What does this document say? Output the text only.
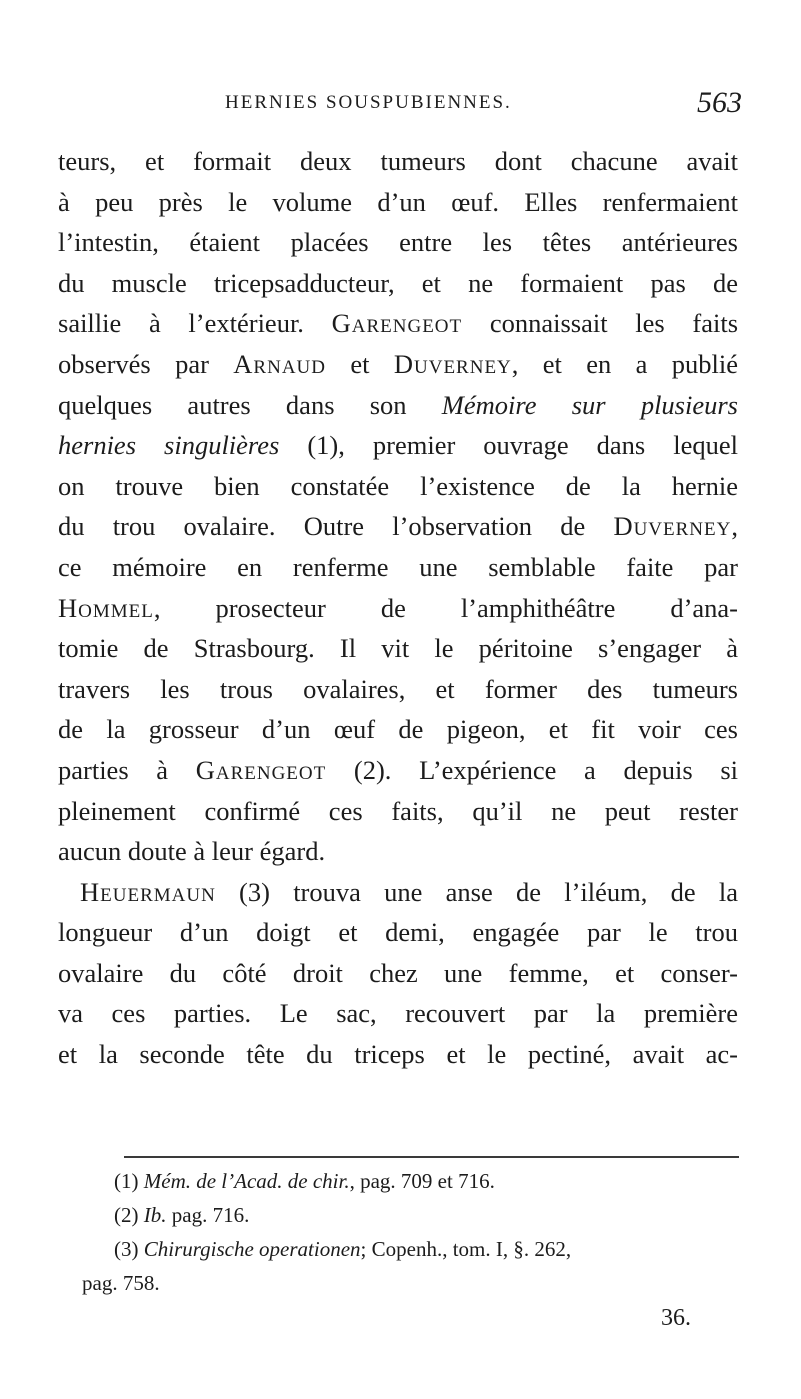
HERNIES SOUSPUBIENNES.	563
teurs, et formait deux tumeurs dont chacune avait
à peu près le volume d’un œuf. Elles renfermaient
l’intestin, étaient placées entre les têtes antérieures
du muscle tricepsadducteur, et ne formaient pas de
saillie à l’extérieur. Garengeot connaissait les faits
observés par Arnaud et Duverney, et en a publié
quelques autres dans son Mémoire sur plusieurs
hernies singulières (1), premier ouvrage dans lequel
on trouve bien constatée l’existence de la hernie
du trou ovalaire. Outre l’observation de Duverney,
ce mémoire en renferme une semblable faite par
Hommel, prosecteur de l’amphithéâtre d’ana-
tomie de Strasbourg. Il vit le péritoine s’engager à
travers les trous ovalaires, et former des tumeurs
de la grosseur d’un œuf de pigeon, et fit voir ces
parties à Garengeot (2). L’expérience a depuis si
pleinement confirmé ces faits, qu’il ne peut rester
aucun doute à leur égard.
Heuermaun (3) trouva une anse de l’iléum, de la
longueur d’un doigt et demi, engagée par le trou
ovalaire du côté droit chez une femme, et conser-
va ces parties. Le sac, recouvert par la première
et la seconde tête du triceps et le pectiné, avait ac-
(1) Mém. de l’Acad. de chir., pag. 709 et 716.
(2) Ib. pag. 716.
(3) Chirurgische operationen; Copenh., tom. I, §. 262,
pag. 758.
36.
